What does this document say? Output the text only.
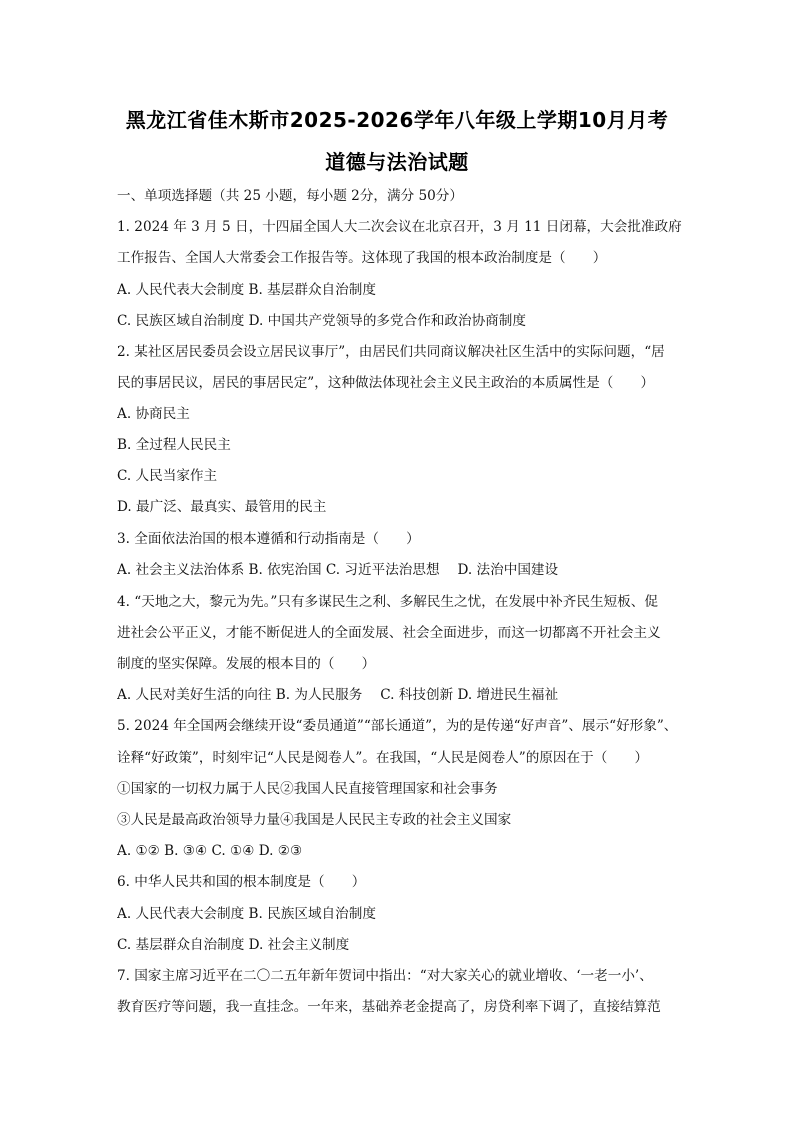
黑龙江省佳木斯市2025-2026学年八年级上学期10月月考
道德与法治试题
一、单项选择题（共 25 小题，每小题 2分，满分 50分）
1. 2024 年 3 月 5 日，十四届全国人大二次会议在北京召开，3 月 11 日闭幕，大会批准政府
工作报告、全国人大常委会工作报告等。这体现了我国的根本政治制度是（　　）
A. 人民代表大会制度 B. 基层群众自治制度
C. 民族区域自治制度 D. 中国共产党领导的多党合作和政治协商制度
2. 某社区居民委员会设立居民议事厅”，由居民们共同商议解决社区生活中的实际问题，“居
民的事居民议，居民的事居民定”，这种做法体现社会主义民主政治的本质属性是（　　）
A. 协商民主
B. 全过程人民民主
C. 人民当家作主
D. 最广泛、最真实、最管用的民主
3. 全面依法治国的根本遵循和行动指南是（　　）
A. 社会主义法治体系 B. 依宪治国 C. 习近平法治思想　 D. 法治中国建设
4. “天地之大，黎元为先。”只有多谋民生之利、多解民生之忧，在发展中补齐民生短板、促
进社会公平正义，才能不断促进人的全面发展、社会全面进步，而这一切都离不开社会主义
制度的坚实保障。发展的根本目的（　　）
A. 人民对美好生活的向往 B. 为人民服务　 C. 科技创新 D. 增进民生福祉
5. 2024 年全国两会继续开设“委员通道”“部长通道”，为的是传递“好声音”、展示“好形象”、
诠释“好政策”，时刻牢记“人民是阅卷人”。在我国，“人民是阅卷人”的原因在于（　　）
①国家的一切权力属于人民②我国人民直接管理国家和社会事务
③人民是最高政治领导力量④我国是人民民主专政的社会主义国家
A. ①② B. ③④ C. ①④ D. ②③
6. 中华人民共和国的根本制度是（　　）
A. 人民代表大会制度 B. 民族区域自治制度
C. 基层群众自治制度 D. 社会主义制度
7. 国家主席习近平在二〇二五年新年贺词中指出：“对大家关心的就业增收、‘一老一小’、
教育医疗等问题，我一直挂念。一年来，基础养老金提高了，房贷利率下调了，直接结算范
